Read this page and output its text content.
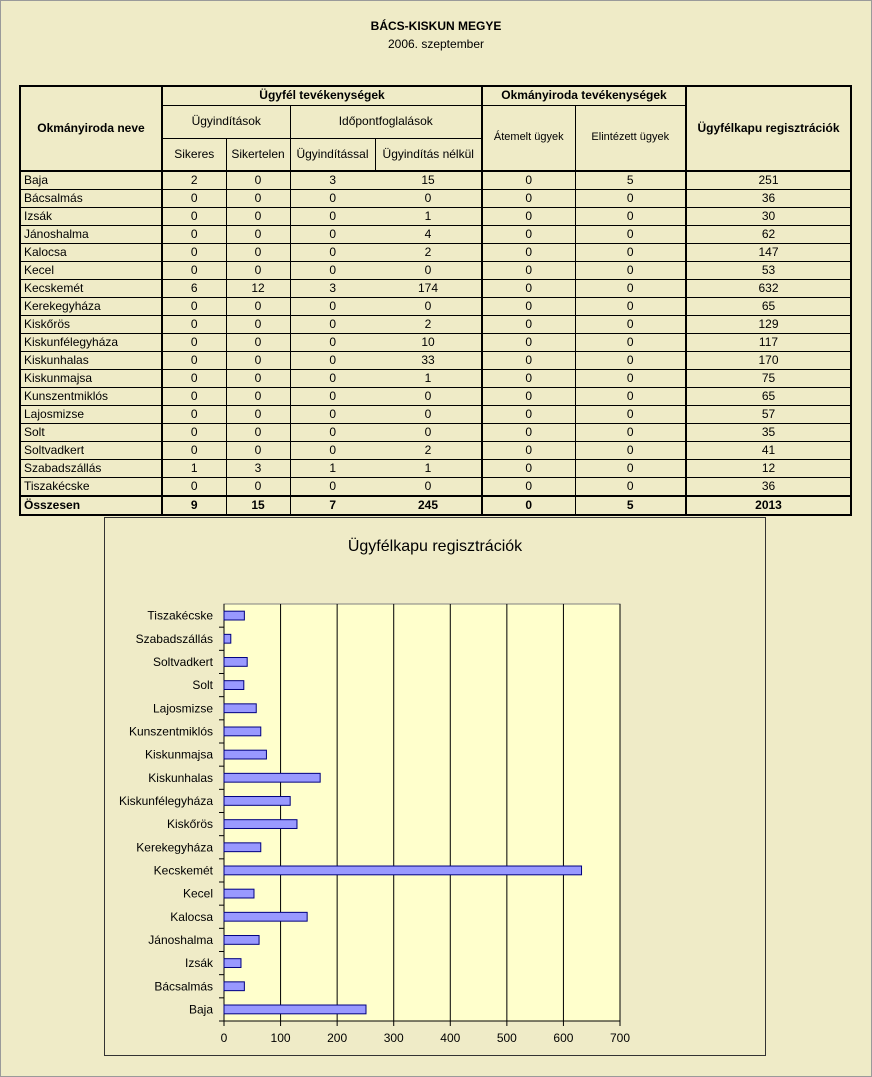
BÁCS-KISKUN MEGYE
2006. szeptember
Okmányiroda neve	Ügyfél tevékenységek				Okmányiroda tevékenységek		Ügyfélkapu regisztrációk
	Ügyindítások		Időpontfoglalások		Átemelt ügyek	Elintézett ügyek	
	Sikeres	Sikertelen	Ügyindítással	Ügyindítás nélkül			
Baja	2	0	3	15	0	5	251
Bácsalmás	0	0	0	0	0	0	36
Izsák	0	0	0	1	0	0	30
Jánoshalma	0	0	0	4	0	0	62
Kalocsa	0	0	0	2	0	0	147
Kecel	0	0	0	0	0	0	53
Kecskemét	6	12	3	174	0	0	632
Kerekegyháza	0	0	0	0	0	0	65
Kiskőrös	0	0	0	2	0	0	129
Kiskunfélegyháza	0	0	0	10	0	0	117
Kiskunhalas	0	0	0	33	0	0	170
Kiskunmajsa	0	0	0	1	0	0	75
Kunszentmiklós	0	0	0	0	0	0	65
Lajosmizse	0	0	0	0	0	0	57
Solt	0	0	0	0	0	0	35
Soltvadkert	0	0	0	2	0	0	41
Szabadszállás	1	3	1	1	0	0	12
Tiszakécske	0	0	0	0	0	0	36
Összesen	9	15	7	245	0	5	2013
Ügyfélkapu regisztrációk
0	100	200	300	400	500	600	700
Baja
Bácsalmás
Izsák
Jánoshalma
Kalocsa
Kecel
Kecskemét
Kerekegyháza
Kiskőrös
Kiskunfélegyháza
Kiskunhalas
Kiskunmajsa
Kunszentmiklós
Lajosmizse
Solt
Soltvadkert
Szabadszállás
Tiszakécske
